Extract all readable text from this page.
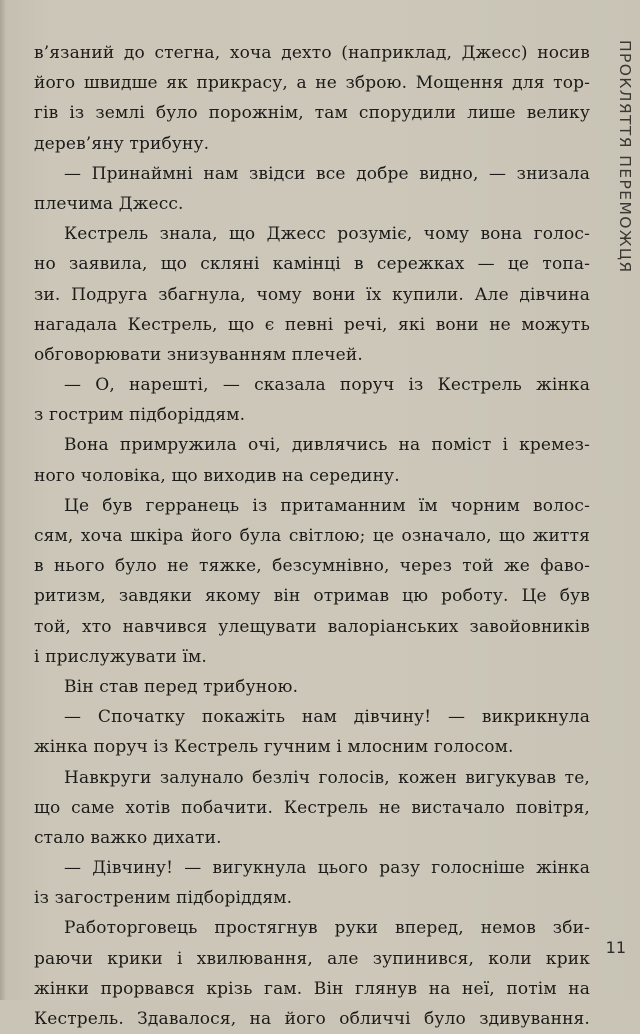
ПРОКЛЯТТЯ ПЕРЕМОЖЦЯ
в’язаний до стегна, хоча дехто (наприклад, Джесс) носив
його швидше як прикрасу, а не зброю. Мощення для тор-
гів із землі було порожнім, там спорудили лише велику
дерев’яну трибуну.
— Принаймні нам звідси все добре видно, — знизала
плечима Джесс.
Кестрель знала, що Джесс розуміє, чому вона голос-
но заявила, що скляні камінці в сережках — це топа-
зи. Подруга збагнула, чому вони їх купили. Але дівчина
нагадала Кестрель, що є певні речі, які вони не можуть
обговорювати знизуванням плечей.
— О, нарешті, — сказала поруч із Кестрель жінка
з гострим підборіддям.
Вона примружила очі, дивлячись на поміст і кремез-
ного чоловіка, що виходив на середину.
Це був герранець із притаманним їм чорним волос-
сям, хоча шкіра його була світлою; це означало, що життя
в нього було не тяжке, безсумнівно, через той же фаво-
ритизм, завдяки якому він отримав цю роботу. Це був
той, хто навчився улещувати валоріанських завойовників
і прислужувати їм.
Він став перед трибуною.
— Спочатку покажіть нам дівчину! — викрикнула
жінка поруч із Кестрель гучним і млосним голосом.
Навкруги залунало безліч голосів, кожен вигукував те,
що саме хотів побачити. Кестрель не вистачало повітря,
стало важко дихати.
— Дівчину! — вигукнула цього разу голосніше жінка
із загостреним підборіддям.
Работорговець простягнув руки вперед, немов зби-
раючи крики і хвилювання, але зупинився, коли крик
жінки прорвався крізь гам. Він глянув на неї, потім на
Кестрель. Здавалося, на його обличчі було здивування.
11
